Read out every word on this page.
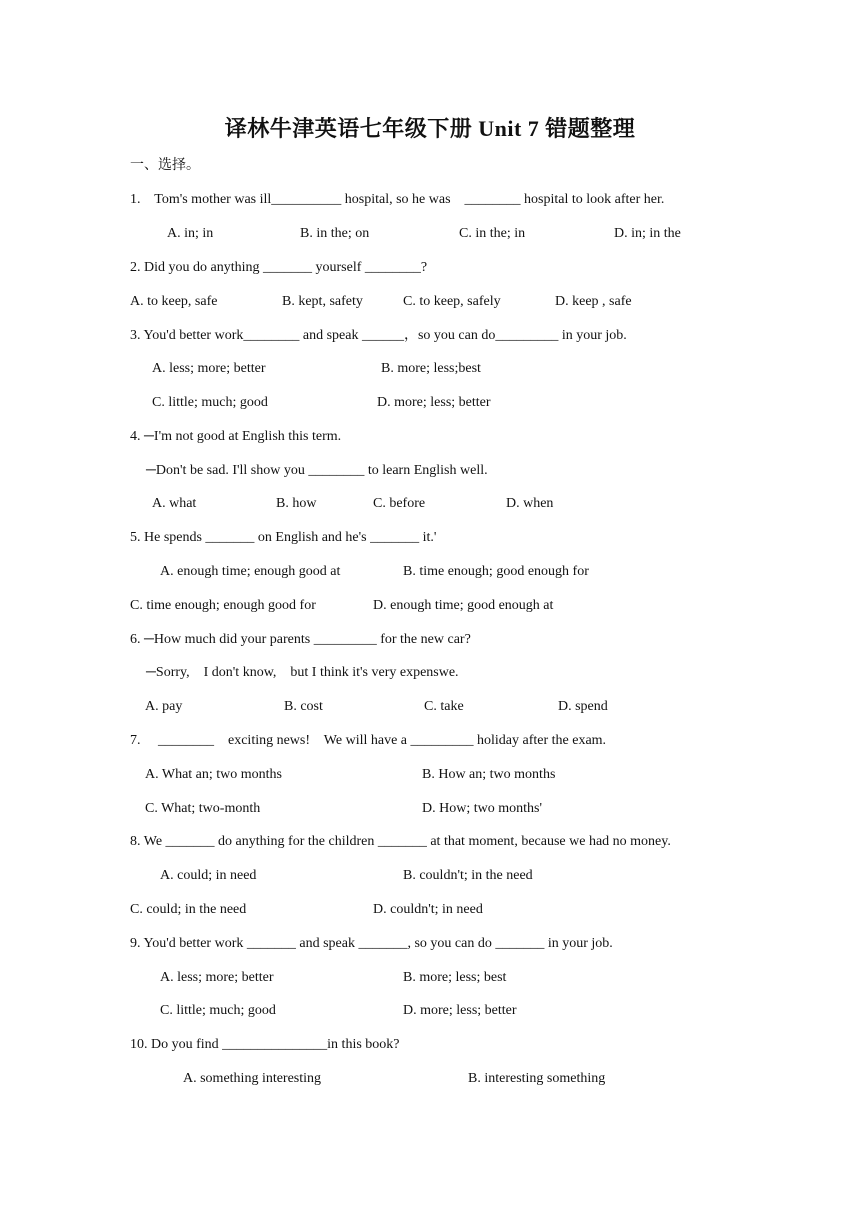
译林牛津英语七年级下册 Unit 7 错题整理
一、选择。
1.    Tom's mother was ill__________ hospital, so he was    ________ hospital to look after her.
A. in; in	B. in the; on	C. in the; in	D. in; in the
2. Did you do anything _______ yourself ________?
A. to keep, safe	B. kept, safety	C. to keep, safely	D. keep , safe
3. You'd better work________ and speak ______，so you can do_________ in your job.
A. less; more; better	B. more; less;best
C. little; much; good	D. more; less; better
4. ─I'm not good at English this term.
─Don't be sad. I'll show you ________ to learn English well.
A. what	B. how	C. before	D. when
5. He spends _______ on English and he's _______ it.'
A. enough time; enough good at	B. time enough; good enough for
C. time enough; enough good for	D. enough time; good enough at
6. ─How much did your parents _________ for the new car?
─Sorry,    I don't know,    but I think it's very expenswe.
A. pay	B. cost	C. take	D. spend
7.     ________    exciting news!    We will have a _________ holiday after the exam.
A. What an; two months	B. How an; two months
C. What; two-month	D. How; two months'
8. We _______ do anything for the children _______ at that moment, because we had no money.
A. could; in need	B. couldn't; in the need
C. could; in the need	D. couldn't; in need
9. You'd better work _______ and speak _______, so you can do _______ in your job.
A. less; more; better	B. more; less; best
C. little; much; good	D. more; less; better
10. Do you find _______________in this book?
A. something interesting	B. interesting something
